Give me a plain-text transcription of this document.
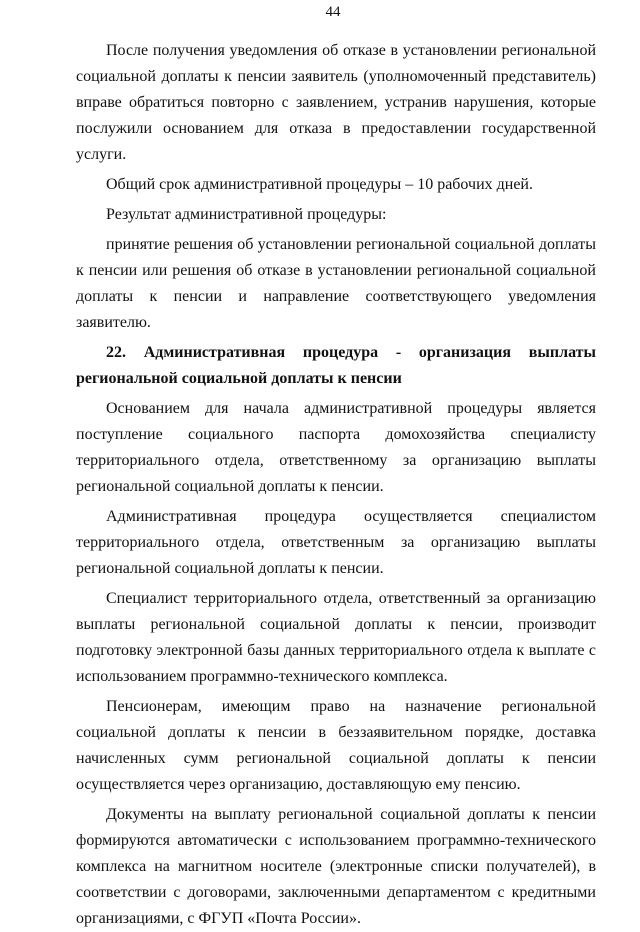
44

После получения уведомления об отказе в установлении региональной социальной доплаты к пенсии заявитель (уполномоченный представитель) вправе обратиться повторно с заявлением, устранив нарушения, которые послужили основанием для отказа в предоставлении государственной услуги.

Общий срок административной процедуры – 10 рабочих дней.

Результат административной процедуры:

принятие решения об установлении региональной социальной доплаты к пенсии или решения об отказе в установлении региональной социальной доплаты к пенсии и направление соответствующего уведомления заявителю.

22. Административная процедура - организация выплаты региональной социальной доплаты к пенсии

Основанием для начала административной процедуры является поступление социального паспорта домохозяйства специалисту территориального отдела, ответственному за организацию выплаты региональной социальной доплаты к пенсии.

Административная процедура осуществляется специалистом территориального отдела, ответственным за организацию выплаты региональной социальной доплаты к пенсии.

Специалист территориального отдела, ответственный за организацию выплаты региональной социальной доплаты к пенсии, производит подготовку электронной базы данных территориального отдела к выплате с использованием программно-технического комплекса.

Пенсионерам, имеющим право на назначение региональной социальной доплаты к пенсии в беззаявительном порядке, доставка начисленных сумм региональной социальной доплаты к пенсии осуществляется через организацию, доставляющую ему пенсию.

Документы на выплату региональной социальной доплаты к пенсии формируются автоматически с использованием программно-технического комплекса на магнитном носителе (электронные списки получателей), в соответствии с договорами, заключенными департаментом с кредитными организациями, с ФГУП «Почта России».
